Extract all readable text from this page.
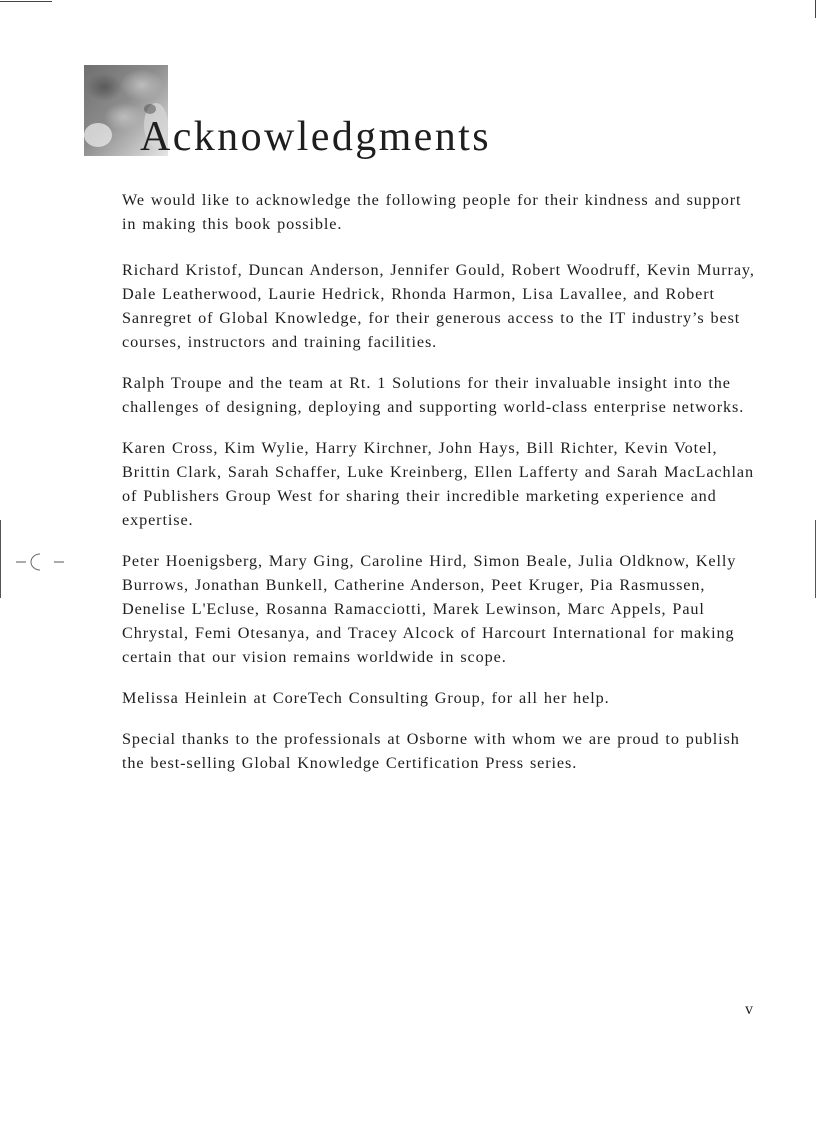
Acknowledgments

We would like to acknowledge the following people for their kindness and support in making this book possible.

Richard Kristof, Duncan Anderson, Jennifer Gould, Robert Woodruff, Kevin Murray, Dale Leatherwood, Laurie Hedrick, Rhonda Harmon, Lisa Lavallee, and Robert Sanregret of Global Knowledge, for their generous access to the IT industry’s best courses, instructors and training facilities.

Ralph Troupe and the team at Rt. 1 Solutions for their invaluable insight into the challenges of designing, deploying and supporting world-class enterprise networks.

Karen Cross, Kim Wylie, Harry Kirchner, John Hays, Bill Richter, Kevin Votel, Brittin Clark, Sarah Schaffer, Luke Kreinberg, Ellen Lafferty and Sarah MacLachlan of Publishers Group West for sharing their incredible marketing experience and expertise.

Peter Hoenigsberg, Mary Ging, Caroline Hird, Simon Beale, Julia Oldknow, Kelly Burrows, Jonathan Bunkell, Catherine Anderson, Peet Kruger, Pia Rasmussen, Denelise L'Ecluse, Rosanna Ramacciotti, Marek Lewinson, Marc Appels, Paul Chrystal, Femi Otesanya, and Tracey Alcock of Harcourt International for making certain that our vision remains worldwide in scope.

Melissa Heinlein at CoreTech Consulting Group, for all her help.

Special thanks to the professionals at Osborne with whom we are proud to publish the best-selling Global Knowledge Certification Press series.

v
